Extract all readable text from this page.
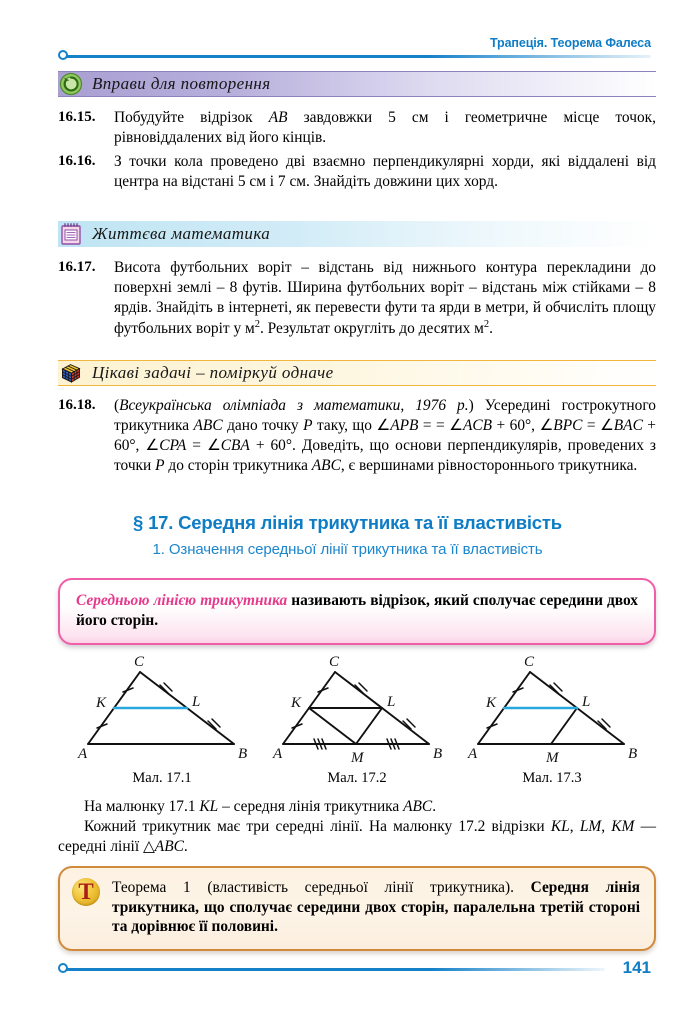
Трапеція. Теорема Фалеса
Вправи для повторення
16.15.	Побудуйте відрізок AB завдовжки 5 см і геометричне місце точок, рівновіддалених від його кінців.
16.16.	З точки кола проведено дві взаємно перпендикулярні хорди, які віддалені від центра на відстані 5 см і 7 см. Знайдіть довжини цих хорд.
Життєва математика
16.17.	Висота футбольних воріт – відстань від нижнього контура перекладини до поверхні землі – 8 футів. Ширина футбольних воріт – відстань між стійками – 8 ярдів. Знайдіть в інтернеті, як перевести фути та ярди в метри, й обчисліть площу футбольних воріт у $м^2$. Результат округліть до десятих $м^2$.
Цікаві задачі – поміркуй одначе
16.18.	(Всеукраїнська олімпіада з математики, 1976 р.) Усередині гострокутного трикутника ABC дано точку P таку, що ∠APB = = ∠ACB + 60°, ∠BPC = ∠BAC + 60°, ∠CPA = ∠CBA + 60°. Доведіть, що основи перпендикулярів, проведених з точки P до сторін трикутника ABC, є вершинами рівностороннього трикутника.
§ 17. Середня лінія трикутника та її властивість
1. Означення середньої лінії трикутника та її властивість
Середньою лінією трикутника називають відрізок, який сполучає середини двох його сторін.
A	B
C
K	L
Мал. 17.1
A	B
C
K	L
M
Мал. 17.2
A	B
C
K	L
M
Мал. 17.3
На малюнку 17.1 KL – середня лінія трикутника ABC.
Кожний трикутник має три середні лінії. На малюнку 17.2 відрізки KL, LM, KM — середні лінії △ABC.
T	Теорема 1 (властивість середньої лінії трикутника). Середня лінія трикутника, що сполучає середини двох сторін, паралельна третій стороні та дорівнює її половині.
141
